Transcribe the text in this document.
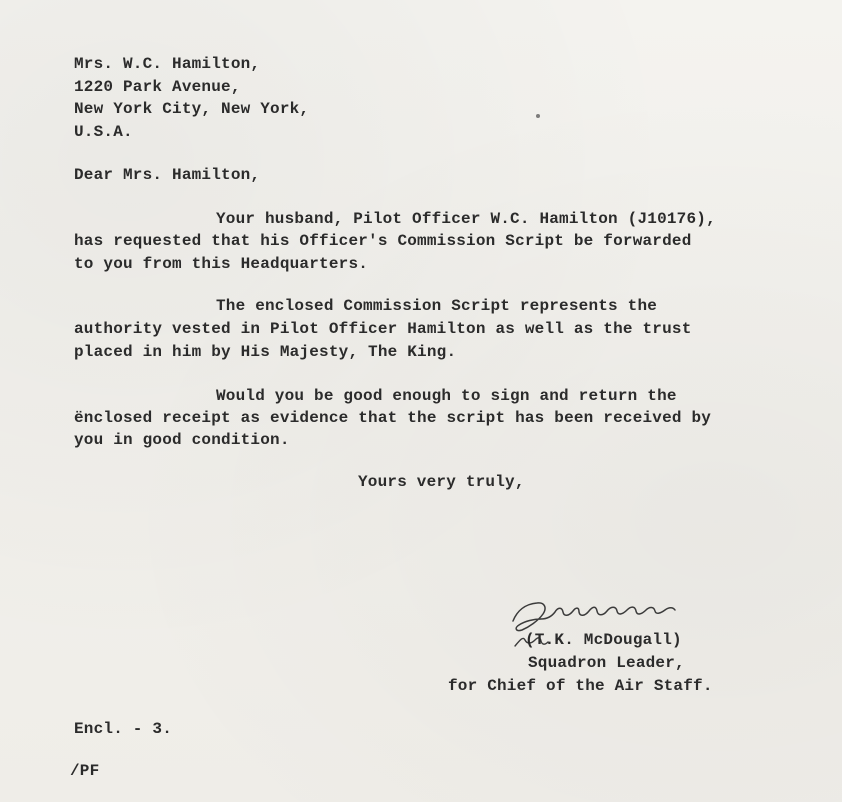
Mrs. W.C. Hamilton,
1220 Park Avenue,
New York City, New York,
U.S.A.
Dear Mrs. Hamilton,
Your husband, Pilot Officer W.C. Hamilton (J10176),
has requested that his Officer's Commission Script be forwarded
to you from this Headquarters.
The enclosed Commission Script represents the
authority vested in Pilot Officer Hamilton as well as the trust
placed in him by His Majesty, The King.
Would you be good enough to sign and return the
ënclosed receipt as evidence that the script has been received by
you in good condition.
Yours very truly,
(T.K. McDougall)
Squadron Leader,
for Chief of the Air Staff.
Encl. - 3.
/PF
